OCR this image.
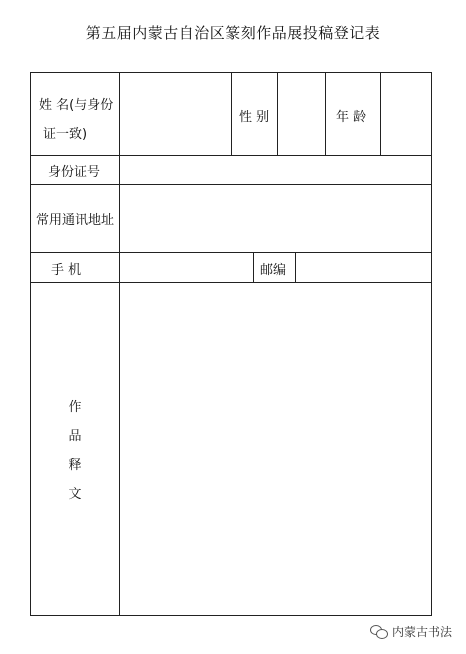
第五届内蒙古自治区篆刻作品展投稿登记表
姓 名(与身份
证一致)
性 别	年 龄
身份证号
常用通讯地址
手 机	邮编
作
品
释
文
内蒙古书法
